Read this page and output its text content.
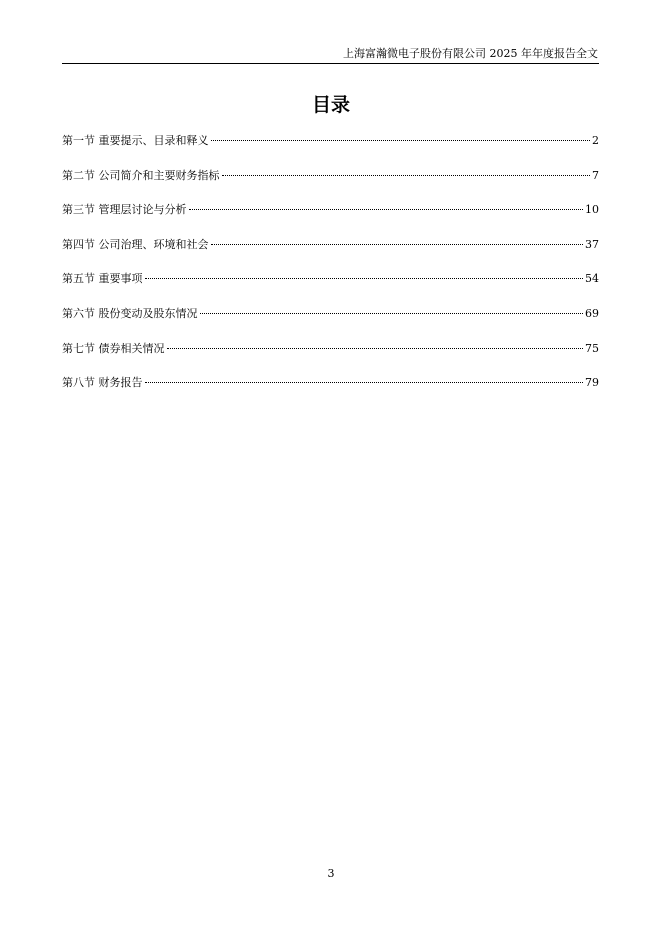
上海富瀚微电子股份有限公司 2025 年年度报告全文
目录
第一节 重要提示、目录和释义	2
第二节 公司简介和主要财务指标	7
第三节 管理层讨论与分析	10
第四节 公司治理、环境和社会	37
第五节 重要事项	54
第六节 股份变动及股东情况	69
第七节 债券相关情况	75
第八节 财务报告	79
3
